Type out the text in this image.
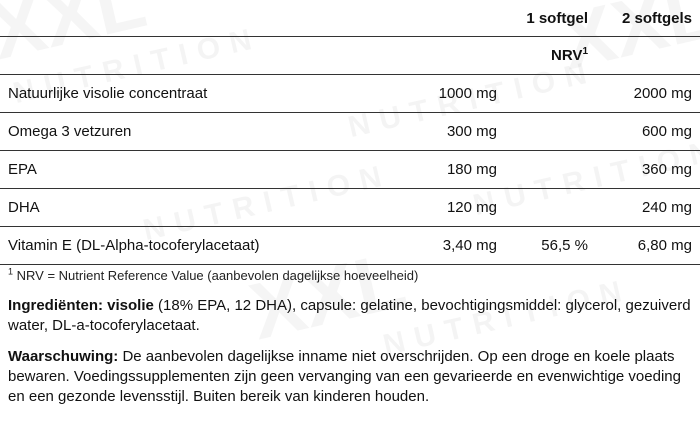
		1 softgel	2 softgels
		NRV$^1$	
Natuurlijke visolie concentraat	1000 mg		2000 mg
Omega 3 vetzuren	300 mg		600 mg
EPA	180 mg		360 mg
DHA	120 mg		240 mg
Vitamin E (DL-Alpha-tocoferylacetaat)	3,40 mg	56,5 %	6,80 mg
$^1$ NRV = Nutrient Reference Value (aanbevolen dagelijkse hoeveelheid)
Ingrediënten: visolie (18% EPA, 12 DHA), capsule: gelatine, bevochtigingsmiddel: glycerol, gezuiverd water, DL-a-tocoferylacetaat.
Waarschuwing: De aanbevolen dagelijkse inname niet overschrijden. Op een droge en koele plaats bewaren. Voedingssupplementen zijn geen vervanging van een gevarieerde en evenwichtige voeding en een gezonde levensstijl. Buiten bereik van kinderen houden.
